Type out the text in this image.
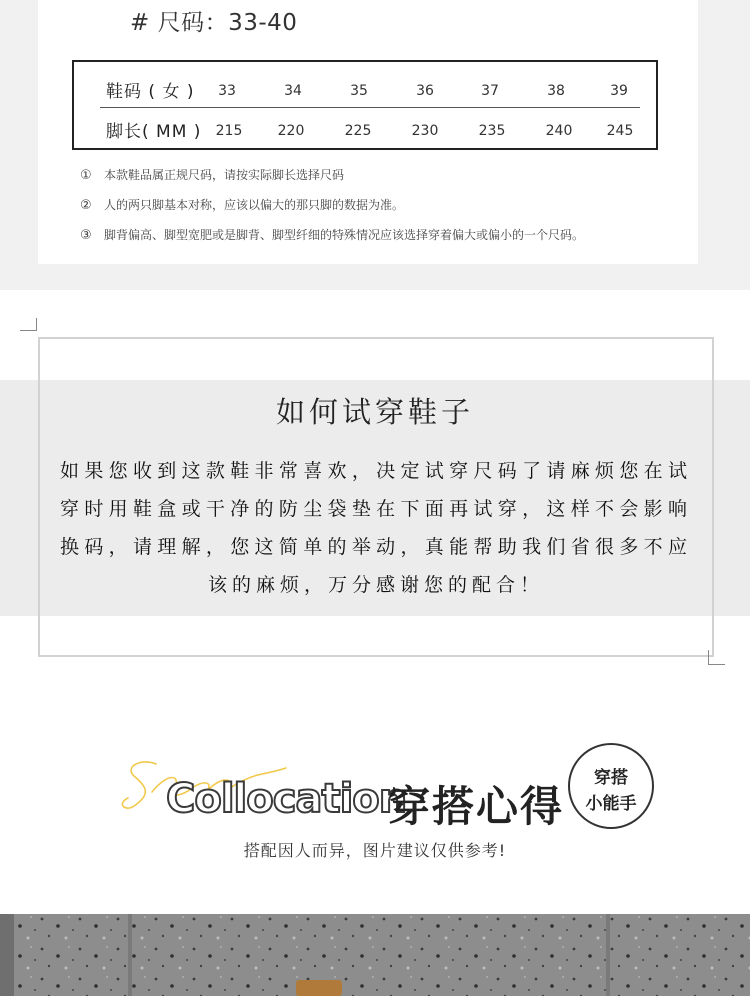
# 尺码：33-40
鞋码 ( 女 )	33	34	35	36	37	38	39
脚长( MM )	215	220	225	230	235	240	245
① 本款鞋品属正规尺码，请按实际脚长选择尺码
② 人的两只脚基本对称，应该以偏大的那只脚的数据为准。
③ 脚背偏高、脚型宽肥或是脚背、脚型纤细的特殊情况应该选择穿着偏大或偏小的一个尺码。
如何试穿鞋子
如果您收到这款鞋非常喜欢，决定试穿尺码了请麻烦您在试穿时用鞋盒或干净的防尘袋垫在下面再试穿，这样不会影响换码，请理解，您这简单的举动，真能帮助我们省很多不应该的麻烦，万分感谢您的配合！
Collocation
穿搭心得
穿搭
小能手
搭配因人而异，图片建议仅供参考!
